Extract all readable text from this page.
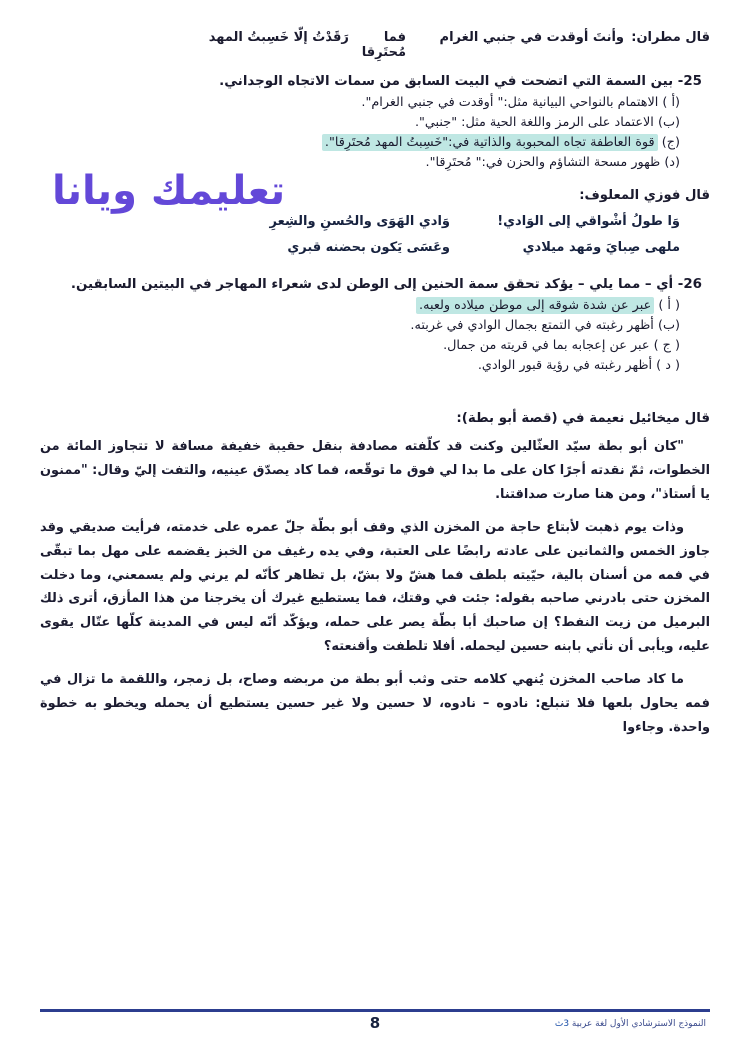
قال مطران:
وأنتَ أوقدت في جنبي الغرام
فما  رَقَدْتُ إلّا خَسِبتُ المهد مُحتَرِقا
25- بين السمة التي اتضحت في البيت السابق من سمات الاتجاه الوجداني.
(أ ) الاهتمام بالنواحي البيانية مثل:" أوقدت في جنبي الغرام".
(ب) الاعتماد على الرمز واللغة الحية مثل: "جنبي".
(ج) قوة العاطفة تجاه المحبوبة والذاتية في:"خَسِبتُ المهد مُحتَرِقا".
(د) ظهور مسحة التشاؤم والحزن في:" مُحتَرِقا".
قال فوزي المعلوف:
وَا طولُ أشْواقي إلى الوَادي!
وَادي الهَوَى والحُسنِ والشِعرِ
ملهى صِبايَ ومَهد ميلادي
وعَسَى يَكون بحضنه قبري
26- أي – مما يلي – يؤكد تحقق سمة الحنين إلى الوطن لدى شعراء المهاجر في البيتين السابقين.
( أ ) عبر عن شدة شوقه إلى موطن ميلاده ولعبه.
(ب) أظهر رغبته في التمتع بجمال الوادي في غربته.
( ج ) عبر عن إعجابه بما في قريته من جمال.
( د ) أظهر رغبته في رؤية قبور الوادي.
قال ميخائيل نعيمة في (قصة أبو بطة):
"كان أبو بطة سيّد العثّالين وكنت قد كلّفته مصادفة بنقل حقيبة خفيفة مسافة لا تتجاوز المائة من الخطوات، ثمّ نقدته أجرًا كان على ما بدا لي فوق ما توقّعه، فما كاد يصدّق عينيه، والتفت إليّ وقال: "ممنون يا أستاذ"، ومن هنا صارت صداقتنا.
وذات يوم ذهبت لأبتاع حاجة من المخزن الذي وقف أبو بطّة جلّ عمره على خدمته، فرأيت صديقي وقد جاوز الخمس والثمانين على عادته رابضًا على العتبة، وفي يده رغيف من الخبز يقضمه على مهل بما تبقّى في فمه من أسنان بالية، حيّيته بلطف فما هشّ ولا بشّ، بل تظاهر كأنّه لم يرني ولم يسمعني، وما دخلت المخزن حتى بادرني صاحبه بقوله: جئت في وقتك، فما يستطيع غيرك أن يخرجنا من هذا المأزق، أترى ذلك البرميل من زيت النفط؟ إن صاحبك أبا بطّة يصر على حمله، ويؤكّد أنّه ليس في المدينة كلّها عتّال يقوى عليه، ويأبى أن نأتي بابنه حسين ليحمله. أفلا تلطفت وأقنعته؟
ما كاد صاحب المخزن يُنهي كلامه حتى وثب أبو بطة من مربضه وصاح، بل زمجر، واللقمة ما تزال في فمه يحاول بلعها فلا تنبلع: نادوه – نادوه، لا حسين ولا غير حسين يستطيع أن يحمله ويخطو به خطوة واحدة. وجاءوا
تعليمك ويانا
8	النموذج الاسترشادي الأول لغة عربية 3ث
